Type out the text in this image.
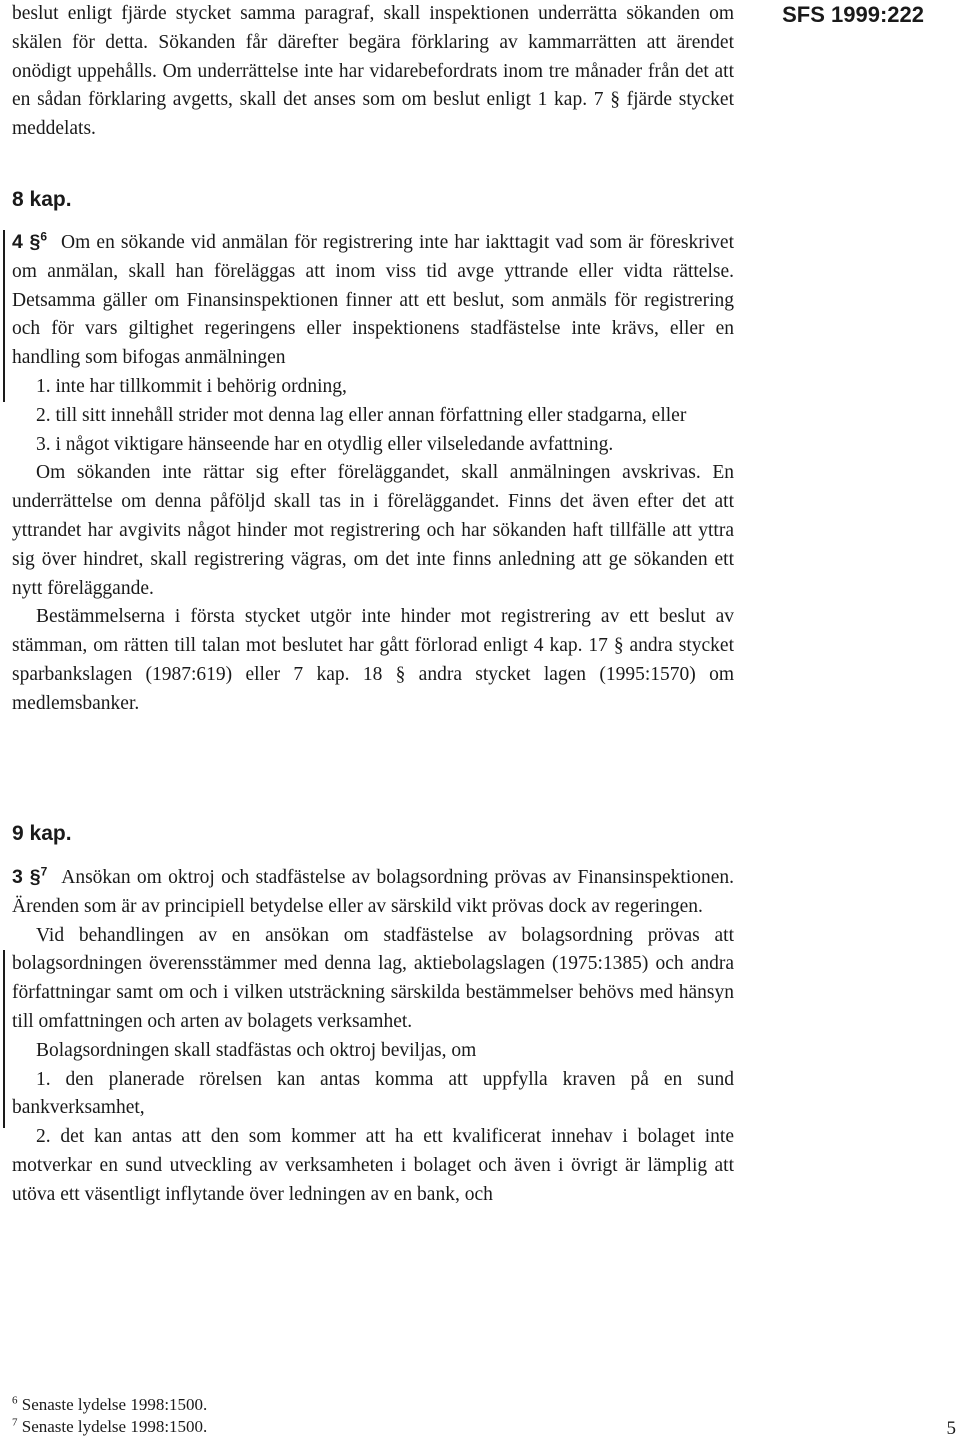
SFS 1999:222

beslut enligt fjärde stycket samma paragraf, skall inspektionen underrätta sökanden om skälen för detta. Sökanden får därefter begära förklaring av kammarrätten att ärendet onödigt uppehålls. Om underrättelse inte har vidarebefordrats inom tre månader från det att en sådan förklaring avgetts, skall det anses som om beslut enligt 1 kap. 7 § fjärde stycket meddelats.

8 kap.

4 §$^6$ Om en sökande vid anmälan för registrering inte har iakttagit vad som är föreskrivet om anmälan, skall han föreläggas att inom viss tid avge yttrande eller vidta rättelse. Detsamma gäller om Finansinspektionen finner att ett beslut, som anmäls för registrering och för vars giltighet regeringens eller inspektionens stadfästelse inte krävs, eller en handling som bifogas anmälningen

1. inte har tillkommit i behörig ordning,

2. till sitt innehåll strider mot denna lag eller annan författning eller stadgarna, eller

3. i något viktigare hänseende har en otydlig eller vilseledande avfattning.

Om sökanden inte rättar sig efter föreläggandet, skall anmälningen avskrivas. En underrättelse om denna påföljd skall tas in i föreläggandet. Finns det även efter det att yttrandet har avgivits något hinder mot registrering och har sökanden haft tillfälle att yttra sig över hindret, skall registrering vägras, om det inte finns anledning att ge sökanden ett nytt föreläggande.

Bestämmelserna i första stycket utgör inte hinder mot registrering av ett beslut av stämman, om rätten till talan mot beslutet har gått förlorad enligt 4 kap. 17 § andra stycket sparbankslagen (1987:619) eller 7 kap. 18 § andra stycket lagen (1995:1570) om medlemsbanker.

9 kap.

3 §$^7$ Ansökan om oktroj och stadfästelse av bolagsordning prövas av Finansinspektionen. Ärenden som är av principiell betydelse eller av särskild vikt prövas dock av regeringen.

Vid behandlingen av en ansökan om stadfästelse av bolagsordning prövas att bolagsordningen överensstämmer med denna lag, aktiebolagslagen (1975:1385) och andra författningar samt om och i vilken utsträckning särskilda bestämmelser behövs med hänsyn till omfattningen och arten av bolagets verksamhet.

Bolagsordningen skall stadfästas och oktroj beviljas, om

1. den planerade rörelsen kan antas komma att uppfylla kraven på en sund bankverksamhet,

2. det kan antas att den som kommer att ha ett kvalificerat innehav i bolaget inte motverkar en sund utveckling av verksamheten i bolaget och även i övrigt är lämplig att utöva ett väsentligt inflytande över ledningen av en bank, och

$^6$ Senaste lydelse 1998:1500.
$^7$ Senaste lydelse 1998:1500.	5
